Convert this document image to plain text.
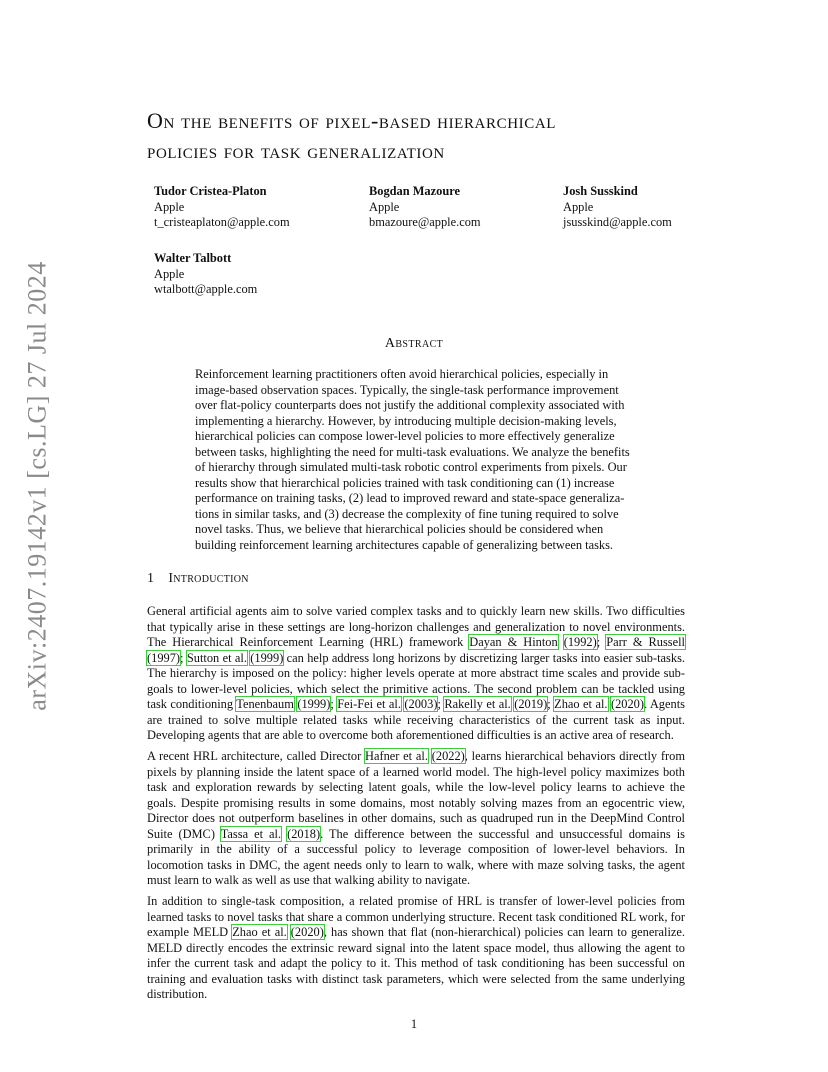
arXiv:2407.19142v1 [cs.LG] 27 Jul 2024
On the benefits of pixel-based hierarchical
policies for task generalization
Tudor Cristea-Platon
Apple
t_cristeaplaton@apple.com
Bogdan Mazoure
Apple
bmazoure@apple.com
Josh Susskind
Apple
jsusskind@apple.com
Walter Talbott
Apple
wtalbott@apple.com
Abstract
Reinforcement learning practitioners often avoid hierarchical policies, especially in
image-based observation spaces. Typically, the single-task performance improvement
over flat-policy counterparts does not justify the additional complexity associated with
implementing a hierarchy. However, by introducing multiple decision-making levels,
hierarchical policies can compose lower-level policies to more effectively generalize
between tasks, highlighting the need for multi-task evaluations. We analyze the benefits
of hierarchy through simulated multi-task robotic control experiments from pixels. Our
results show that hierarchical policies trained with task conditioning can (1) increase
performance on training tasks, (2) lead to improved reward and state-space generaliza-
tions in similar tasks, and (3) decrease the complexity of fine tuning required to solve
novel tasks. Thus, we believe that hierarchical policies should be considered when
building reinforcement learning architectures capable of generalizing between tasks.
1 Introduction

General artificial agents aim to solve varied complex tasks and to quickly learn new skills. Two difficulties that typically arise in these settings are long-horizon challenges and generalization to novel environments. The Hierarchical Reinforcement Learning (HRL) framework Dayan & Hinton (1992); Parr & Russell (1997); Sutton et al. (1999) can help address long horizons by discretizing larger tasks into easier sub-tasks. The hierarchy is imposed on the policy: higher levels operate at more abstract time scales and provide sub-goals to lower-level policies, which select the primitive actions. The second problem can be tackled using task conditioning Tenenbaum (1999); Fei-Fei et al. (2003); Rakelly et al. (2019); Zhao et al. (2020). Agents are trained to solve multiple related tasks while receiving characteristics of the current task as input. Developing agents that are able to overcome both aforementioned difficulties is an active area of research.

A recent HRL architecture, called Director Hafner et al. (2022), learns hierarchical behaviors directly from pixels by planning inside the latent space of a learned world model. The high-level policy maximizes both task and exploration rewards by selecting latent goals, while the low-level policy learns to achieve the goals. Despite promising results in some domains, most notably solving mazes from an egocentric view, Director does not outperform baselines in other domains, such as quadruped run in the DeepMind Control Suite (DMC) Tassa et al. (2018). The difference between the successful and unsuccessful domains is primarily in the ability of a successful policy to leverage composition of lower-level behaviors. In locomotion tasks in DMC, the agent needs only to learn to walk, where with maze solving tasks, the agent must learn to walk as well as use that walking ability to navigate.

In addition to single-task composition, a related promise of HRL is transfer of lower-level policies from learned tasks to novel tasks that share a common underlying structure. Recent task conditioned RL work, for example MELD Zhao et al. (2020), has shown that flat (non-hierarchical) policies can learn to generalize. MELD directly encodes the extrinsic reward signal into the latent space model, thus allowing the agent to infer the current task and adapt the policy to it. This method of task conditioning has been successful on training and evaluation tasks with distinct task parameters, which were selected from the same underlying distribution.

1
